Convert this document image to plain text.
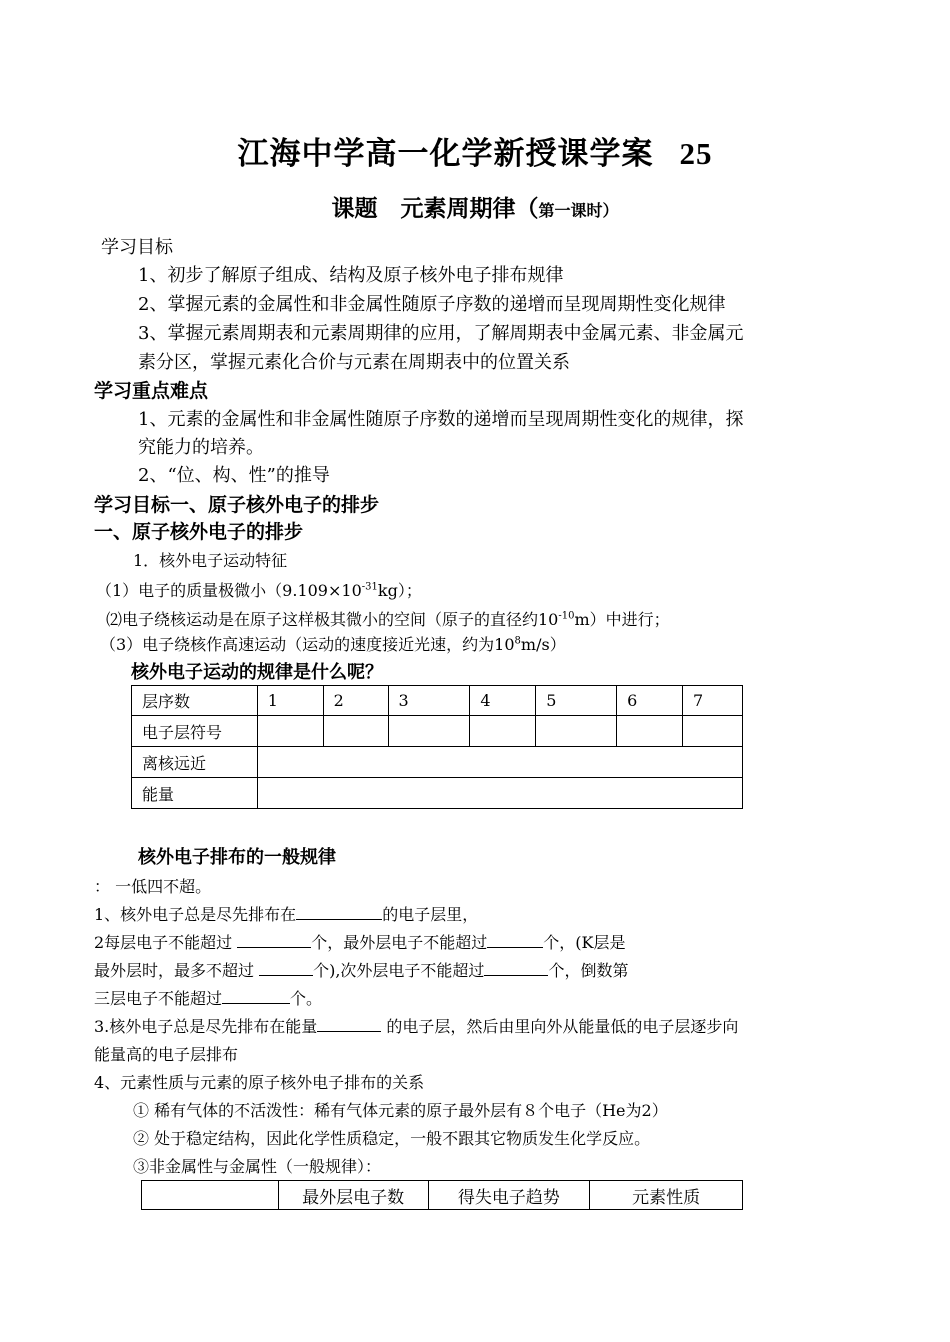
江海中学高一化学新授课学案 25
课题　元素周期律（第一课时）
学习目标
1、初步了解原子组成、结构及原子核外电子排布规律
2、掌握元素的金属性和非金属性随原子序数的递增而呈现周期性变化规律
3、掌握元素周期表和元素周期律的应用，了解周期表中金属元素、非金属元
素分区，掌握元素化合价与元素在周期表中的位置关系
学习重点难点
1、元素的金属性和非金属性随原子序数的递增而呈现周期性变化的规律，探
究能力的培养。
2、“位、构、性”的推导
学习目标一、原子核外电子的排步
一、原子核外电子的排步
1．核外电子运动特征
（1）电子的质量极微小$(9.109\times 10^{-31}kg)$；
⑵电子绕核运动是在原子这样极其微小的空间（原子的直径约$10^{-10}m$）中进行；
（3）电子绕核作高速运动（运动的速度接近光速，约为$10^8m/s$）
核外电子运动的规律是什么呢？
层序数	1	2	3	4	5	6	7
电子层符号							
离核远近							
能量							
核外电子排布的一般规律
： 一低四不超。
1、核外电子总是尽先排布在	的电子层里，
2每层电子不能超过	个，最外层电子不能超过	个，(K层是
最外层时，最多不超过	个),次外层电子不能超过	个，倒数第
三层电子不能超过	个。
3.核外电子总是尽先排布在能量	的电子层，然后由里向外从能量低的电子层逐步向
能量高的电子层排布
4、元素性质与元素的原子核外电子排布的关系
① 稀有气体的不活泼性：稀有气体元素的原子最外层有８个电子（He为2）
② 处于稳定结构，因此化学性质稳定，一般不跟其它物质发生化学反应。
③非金属性与金属性（一般规律）：
	最外层电子数	得失电子趋势	元素性质
